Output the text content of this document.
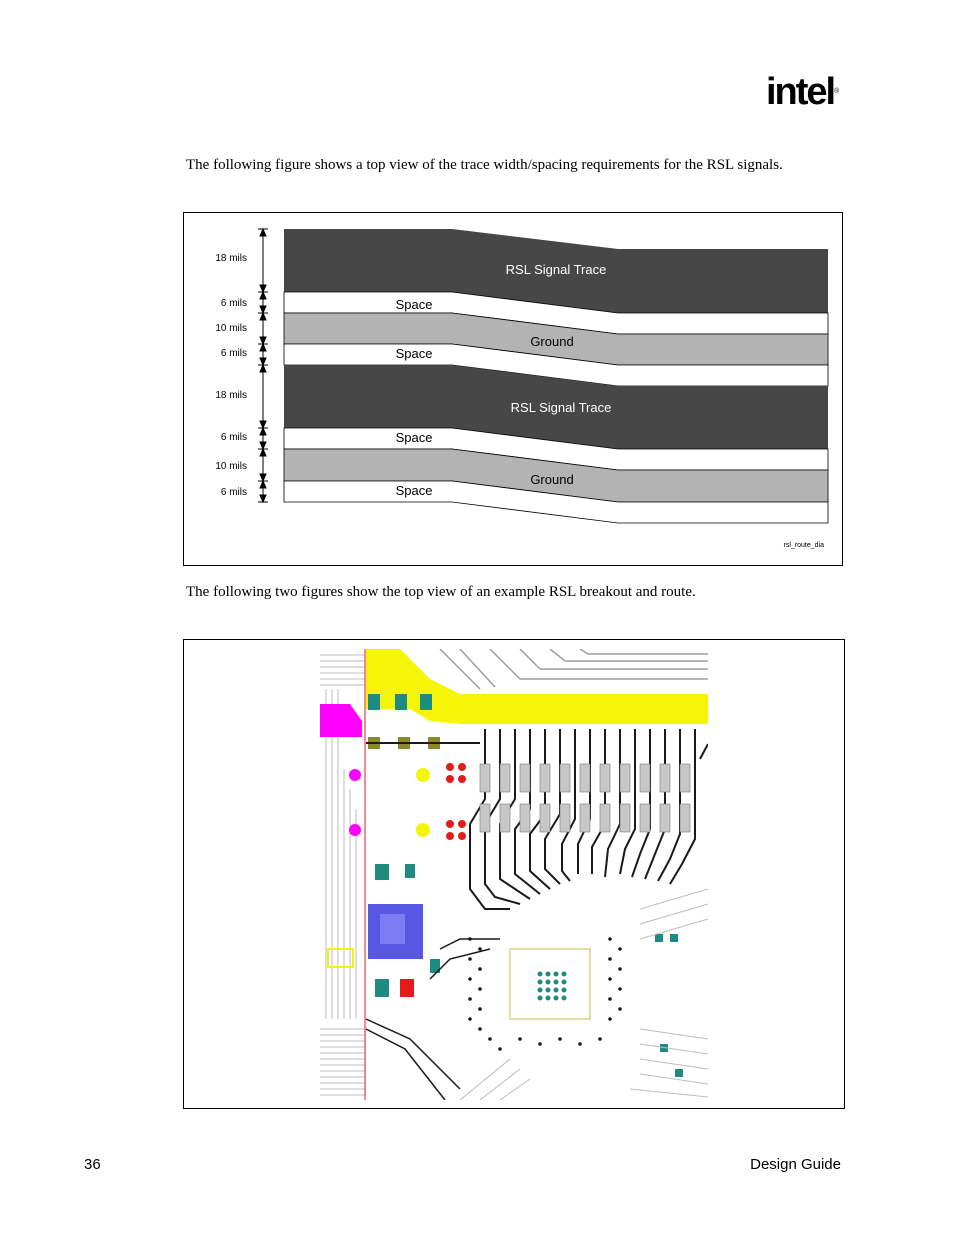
intel®
The following figure shows a top view of the trace width/spacing requirements for the RSL signals.
RSL Signal Trace
Space
Ground
Space
RSL Signal Trace
Space
Ground
Space
18 mils
6 mils
10 mils
6 mils
18 mils
6 mils
10 mils
6 mils
rsl_route_dia
The following two figures show the top view of an example RSL breakout and route.
36	Design Guide
